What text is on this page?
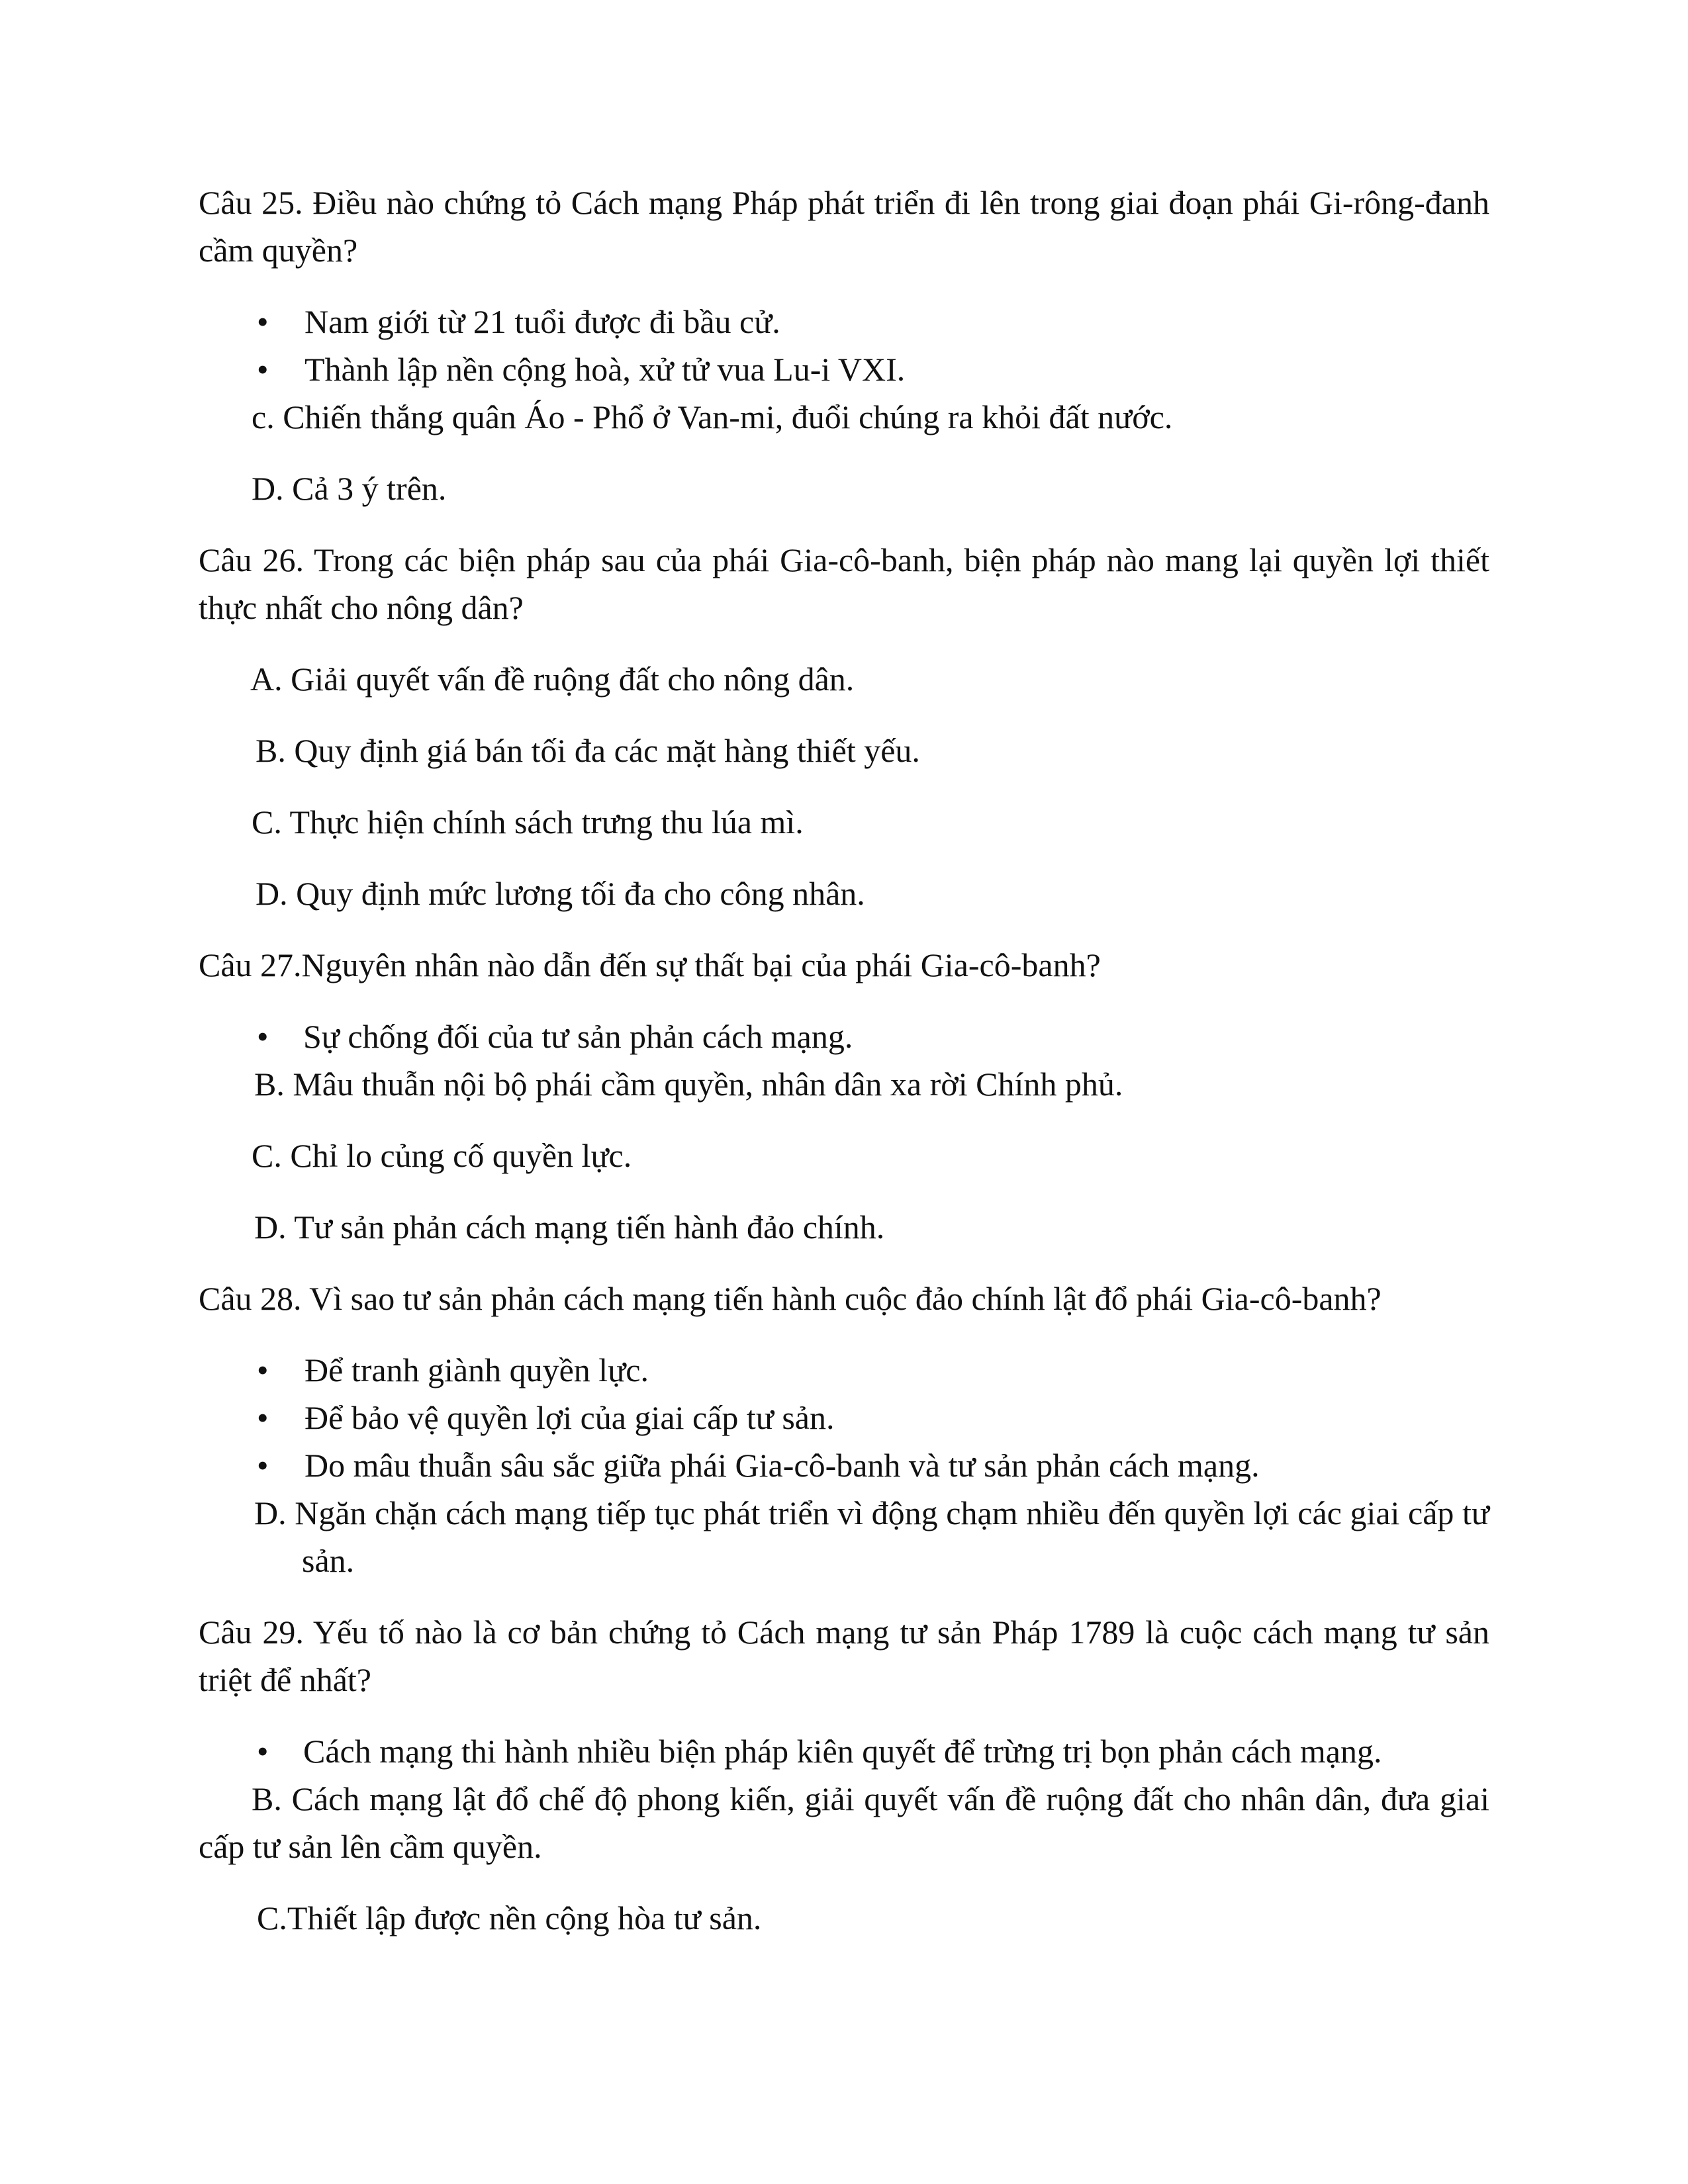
Câu 25. Điều nào chứng tỏ Cách mạng Pháp phát triển đi lên trong giai đoạn phái Gi-rông-đanh cầm quyền?

• Nam giới từ 21 tuổi được đi bầu cử.

• Thành lập nền cộng hoà, xử tử vua Lu-i VXI.

c. Chiến thắng quân Áo - Phổ ở Van-mi, đuổi chúng ra khỏi đất nước.

D. Cả 3 ý trên.

Câu 26. Trong các biện pháp sau của phái Gia-cô-banh, biện pháp nào mang lại quyền lợi thiết thực nhất cho nông dân?

A. Giải quyết vấn đề ruộng đất cho nông dân.

B. Quy định giá bán tối đa các mặt hàng thiết yếu.

C. Thực hiện chính sách trưng thu lúa mì.

D. Quy định mức lương tối đa cho công nhân.

Câu 27.Nguyên nhân nào dẫn đến sự thất bại của phái Gia-cô-banh?

• Sự chống đối của tư sản phản cách mạng.

B. Mâu thuẫn nội bộ phái cầm quyền, nhân dân xa rời Chính phủ.

C. Chỉ lo củng cố quyền lực.

D. Tư sản phản cách mạng tiến hành đảo chính.

Câu 28. Vì sao tư sản phản cách mạng tiến hành cuộc đảo chính lật đổ phái Gia-cô-banh?

• Để tranh giành quyền lực.

• Để bảo vệ quyền lợi của giai cấp tư sản.

• Do mâu thuẫn sâu sắc giữa phái Gia-cô-banh và tư sản phản cách mạng.

D. Ngăn chặn cách mạng tiếp tục phát triển vì động chạm nhiều đến quyền lợi các giai cấp tư sản.

Câu 29. Yếu tố nào là cơ bản chứng tỏ Cách mạng tư sản Pháp 1789 là cuộc cách mạng tư sản triệt để nhất?

• Cách mạng thi hành nhiều biện pháp kiên quyết để trừng trị bọn phản cách mạng.

B. Cách mạng lật đổ chế độ phong kiến, giải quyết vấn đề ruộng đất cho nhân dân, đưa giai cấp tư sản lên cầm quyền.

C.Thiết lập được nền cộng hòa tư sản.
